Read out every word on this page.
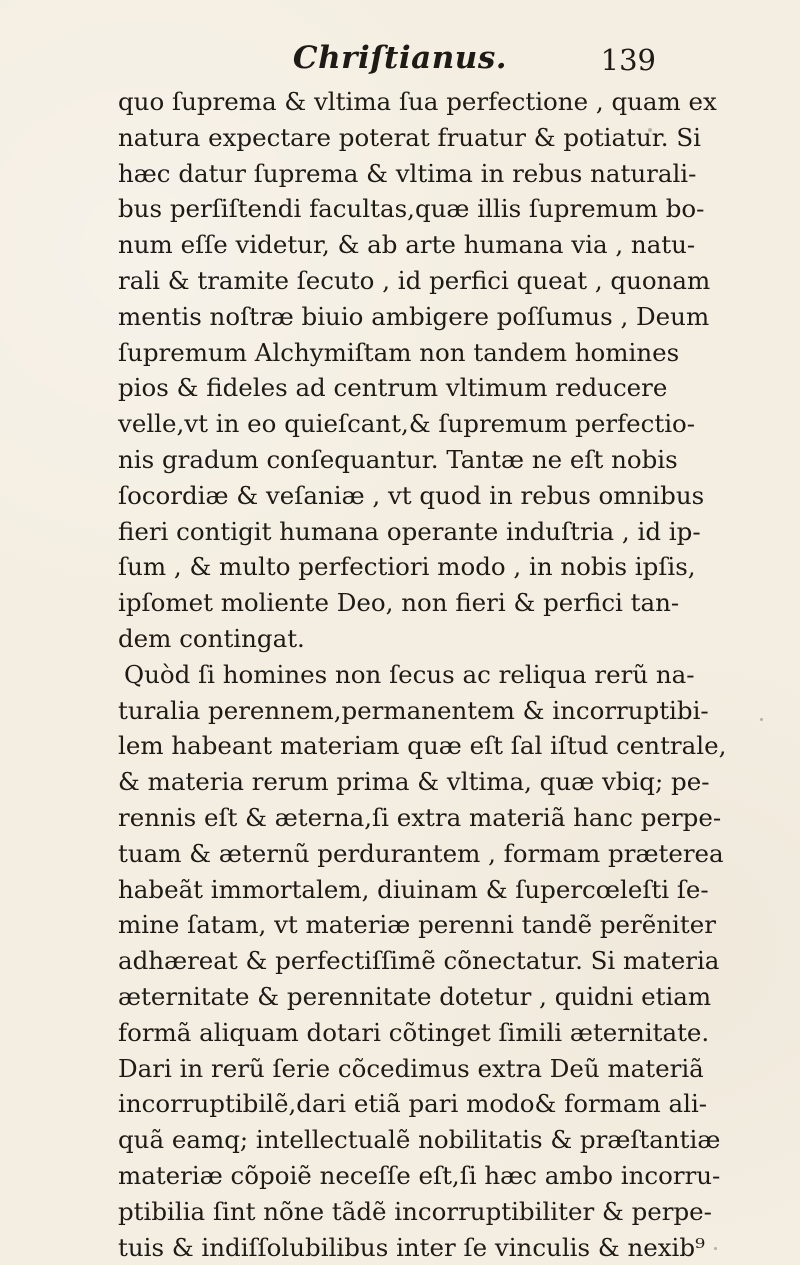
Chriſtianus.	139
quo ſuprema & vltima ſua perfectione , quam ex
natura expectare poterat fruatur & potiatur. Si
hæc datur ſuprema & vltima in rebus naturali-
bus perſiſtendi facultas,quæ illis ſupremum bo-
num eſſe videtur, & ab arte humana via , natu-
rali & tramite ſecuto , id perfici queat , quonam
mentis noſtræ biuio ambigere poſſumus , Deum
ſupremum Alchymiſtam non tandem homines
pios & fideles ad centrum vltimum reducere
velle,vt in eo quieſcant,& ſupremum perfectio-
nis gradum conſequantur. Tantæ ne eſt nobis
ſocordiæ & veſaniæ , vt quod in rebus omnibus
fieri contigit humana operante induſtria , id ip-
ſum , & multo perfectiori modo , in nobis ipſis,
ipſomet moliente Deo, non fieri & perfici tan-
dem contingat.
Quòd ſi homines non ſecus ac reliqua rerũ na-
turalia perennem,permanentem & incorruptibi-
lem habeant materiam quæ eſt ſal iſtud centrale,
& materia rerum prima & vltima, quæ vbiq; pe-
rennis eſt & æterna,ſi extra materiã hanc perpe-
tuam & æternũ perdurantem , formam præterea
habeãt immortalem, diuinam & ſupercœleſti ſe-
mine ſatam, vt materiæ perenni tandẽ perẽniter
adhæreat & perfectiſſimẽ cõnectatur. Si materia
æternitate & perennitate dotetur , quidni etiam
formã aliquam dotari cõtinget ſimili æternitate.
Dari in rerũ ſerie cõcedimus extra Deũ materiã
incorruptibilẽ,dari etiã pari modo& formam ali-
quã eamq; intellectualẽ nobilitatis & præſtantiæ
materiæ cõpoiẽ neceſſe eſt,ſi hæc ambo incorru-
ptibilia ſint nõne tãdẽ incorruptibiliter & perpe-
tuis & indiſſolubilibus inter ſe vinculis & nexib⁹
